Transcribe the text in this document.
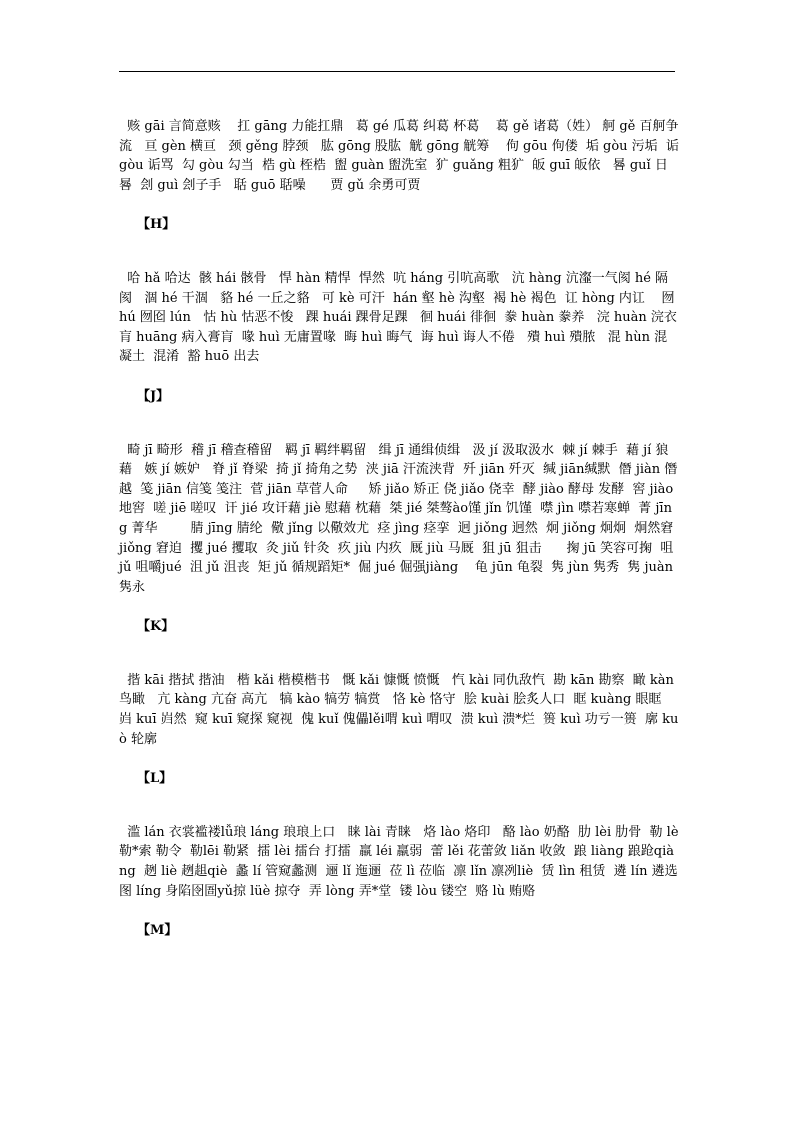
赅 gāi 言简意赅    扛 gāng 力能扛鼎   葛 gé 瓜葛 纠葛 杯葛    葛 gě 诸葛（姓） 舸 gě 百舸争流   亘 gèn 横亘   颈 gěng 脖颈   肱 gōng 股肱  觥 gōng 觥筹    佝 gōu 佝偻  垢 gòu 污垢  诟 gòu 诟骂  勾 gòu 勾当  梏 gù 桎梏  盥 guàn 盥洗室  犷 guǎng 粗犷  皈 guī 皈依   晷 guǐ 日晷  刽 guì 刽子手   聒 guō 聒噪      贾 gǔ 余勇可贾

【H】

哈 hǎ 哈达  骸 hái 骸骨   悍 hàn 精悍  悍然  吭 háng 引吭高歌   沆 hàng 沆瀣一气阂 hé 隔阂   涸 hé 干涸   貉 hé 一丘之貉   可 kè 可汗  hán 壑 hè 沟壑  褐 hè 褐色  讧 hòng 内讧    囫 hú 囫囵 lún   怙 hù 怙恶不悛   踝 huái 踝骨足踝   徊 huái 徘徊  豢 huàn 豢养   浣 huàn 浣衣  肓 huāng 病入膏肓  喙 huì 无庸置喙  晦 huì 晦气  诲 huì 诲人不倦   殨 huì 殨脓   混 hùn 混凝土  混淆  豁 huō 出去

【J】

畸 jī 畸形  稽 jī 稽查稽留   羁 jī 羁绊羁留   缉 jī 通缉侦缉   汲 jí 汲取汲水  棘 jí 棘手  藉 jí 狼藉   嫉 jí 嫉妒   脊 jǐ 脊梁  掎 jǐ 掎角之势  浃 jiā 汗流浃背  歼 jiān 歼灭  缄 jiān缄默  僭 jiàn 僭越  笺 jiān 信笺 笺注  菅 jiān 草菅人命     矫 jiǎo 矫正 侥 jiǎo 侥幸  酵 jiào 酵母 发酵  窖 jiào 地窖  嗟 jiē 嗟叹  讦 jié 攻讦藉 jiè 慰藉 枕藉  桀 jié 桀骜ào馑 jǐn 饥馑  噤 jìn 噤若寒蝉  菁 jīng 菁华        腈 jīng 腈纶  儆 jǐng 以儆效尤  痉 jìng 痉挛  迥 jiǒng 迥然  炯 jiǒng 炯炯  炯然窘 jiǒng 窘迫  攫 jué 攫取  灸 jiǔ 针灸  疚 jiù 内疚  厩 jiù 马厩  狙 jū 狙击      掬 jū 笑容可掬  咀 jǔ 咀嚼jué  沮 jǔ 沮丧  矩 jǔ 循规蹈矩*  倔 jué 倔强jiàng    龟 jūn 龟裂  隽 jùn 隽秀  隽 juàn 隽永

【K】

揩 kāi 揩拭 揩油   楷 kǎi 楷模楷书   慨 kǎi 慷慨 愤慨   忾 kài 同仇敌忾  勘 kān 勘察  瞰 kàn 鸟瞰   亢 kàng 亢奋 高亢   犒 kào 犒劳 犒赏   恪 kè 恪守  脍 kuài 脍炙人口  眶 kuàng 眼眶  岿 kuī 岿然  窥 kuī 窥探 窥视  傀 kuǐ 傀儡lěi喟 kuì 喟叹  溃 kuì 溃*烂  篑 kuì 功亏一篑  廓 kuò 轮廓

【L】

滥 lán 衣裳褴褛lǚ琅 láng 琅琅上口   睐 lài 青睐   烙 lào 烙印   酪 lào 奶酪  肋 lèi 肋骨  勒 lè 勒*索 勒令  勒lēi 勒紧  擂 lèi 擂台 打擂  羸 léi 羸弱  蕾 lěi 花蕾敛 liǎn 收敛  踉 liàng 踉跄qiàng  趔 liè 趔趄qiè  蠡 lí 管窥蠡测  逦 lǐ 迤逦  莅 lì 莅临  凛 lǐn 凛冽liè  赁 lìn 租赁  遴 lín 遴选  图 líng 身陷囹圄yǔ掠 lüè 掠夺  弄 lòng 弄*堂  镂 lòu 镂空  赂 lù 贿赂

【M】
